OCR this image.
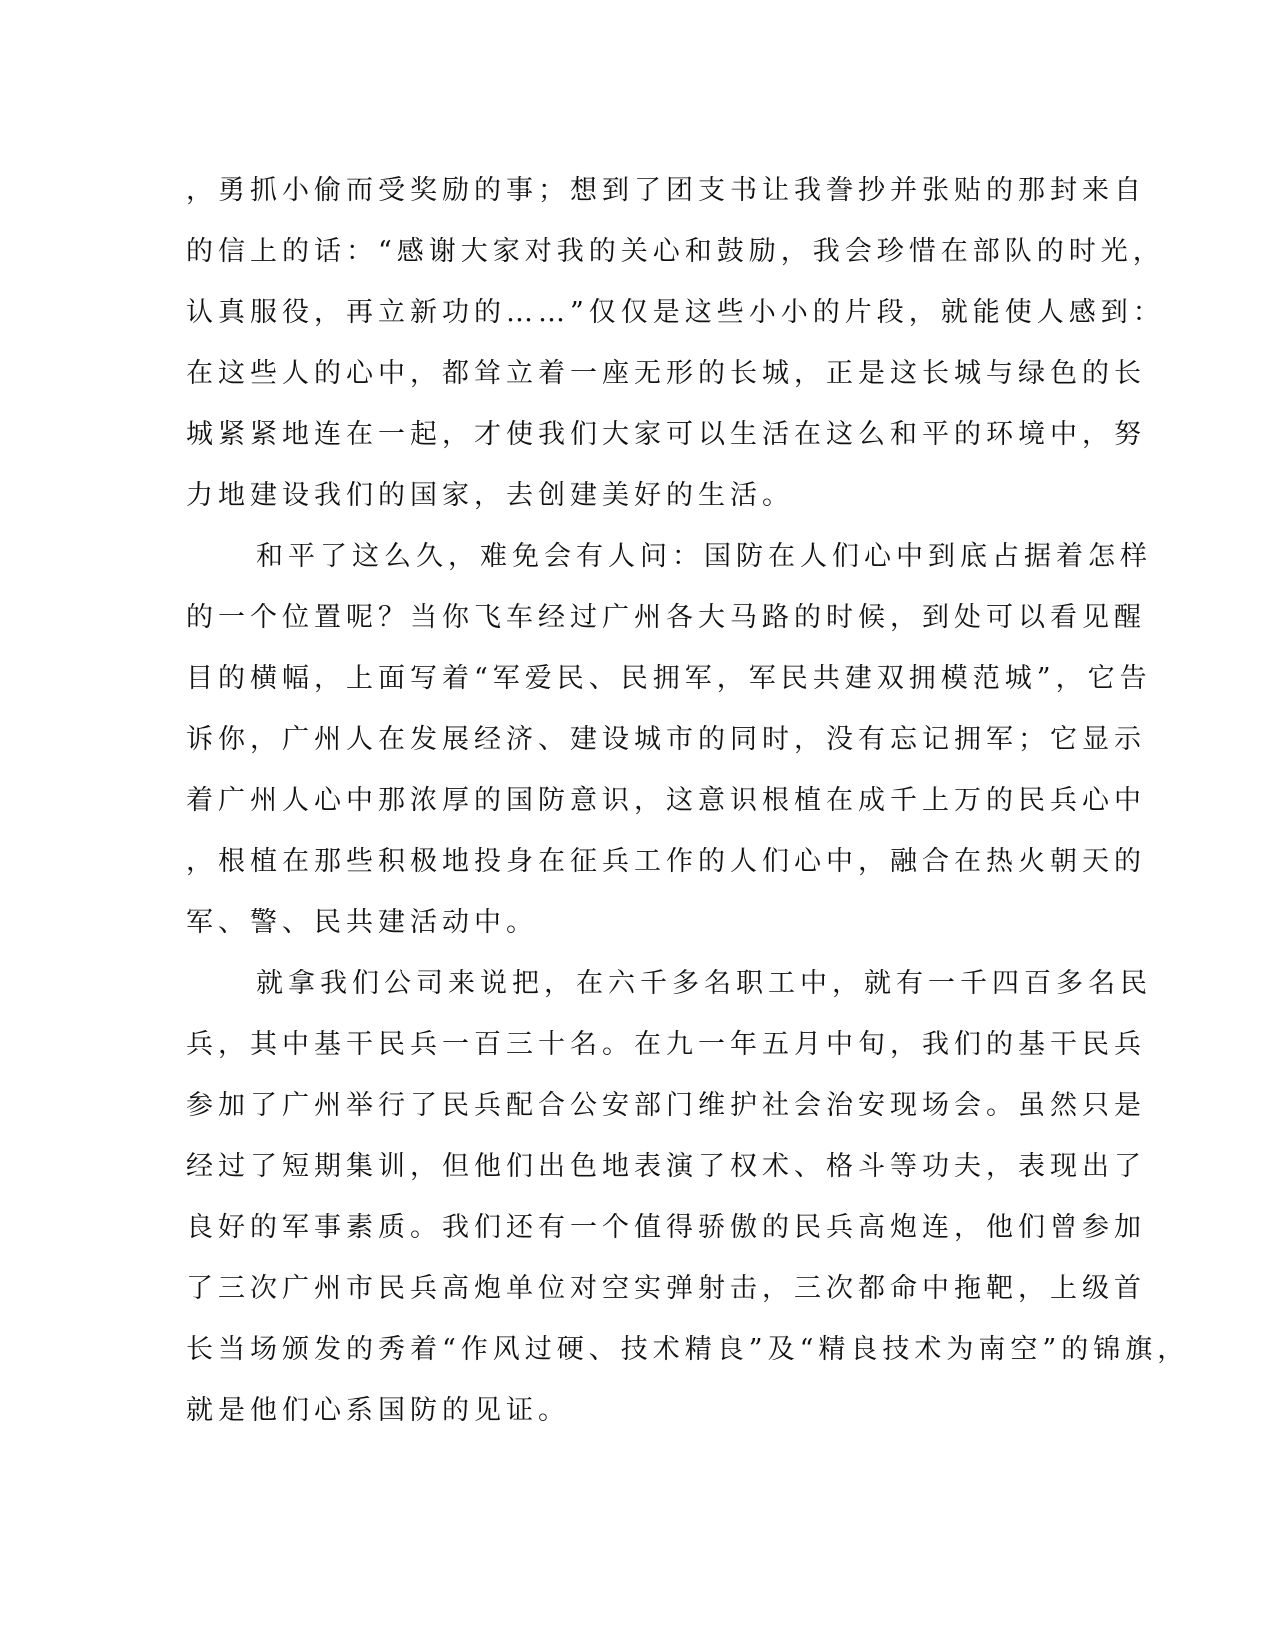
，勇抓小偷而受奖励的事；想到了团支书让我誊抄并张贴的那封来自
的信上的话：“感谢大家对我的关心和鼓励，我会珍惜在部队的时光，
认真服役，再立新功的……”仅仅是这些小小的片段，就能使人感到：
在这些人的心中，都耸立着一座无形的长城，正是这长城与绿色的长
城紧紧地连在一起，才使我们大家可以生活在这么和平的环境中，努
力地建设我们的国家，去创建美好的生活。
和平了这么久，难免会有人问：国防在人们心中到底占据着怎样
的一个位置呢？当你飞车经过广州各大马路的时候，到处可以看见醒
目的横幅，上面写着“军爱民、民拥军，军民共建双拥模范城”，它告
诉你，广州人在发展经济、建设城市的同时，没有忘记拥军；它显示
着广州人心中那浓厚的国防意识，这意识根植在成千上万的民兵心中
，根植在那些积极地投身在征兵工作的人们心中，融合在热火朝天的
军、警、民共建活动中。
就拿我们公司来说把，在六千多名职工中，就有一千四百多名民
兵，其中基干民兵一百三十名。在九一年五月中旬，我们的基干民兵
参加了广州举行了民兵配合公安部门维护社会治安现场会。虽然只是
经过了短期集训，但他们出色地表演了权术、格斗等功夫，表现出了
良好的军事素质。我们还有一个值得骄傲的民兵高炮连，他们曾参加
了三次广州市民兵高炮单位对空实弹射击，三次都命中拖靶，上级首
长当场颁发的秀着“作风过硬、技术精良”及“精良技术为南空”的锦旗，
就是他们心系国防的见证。
